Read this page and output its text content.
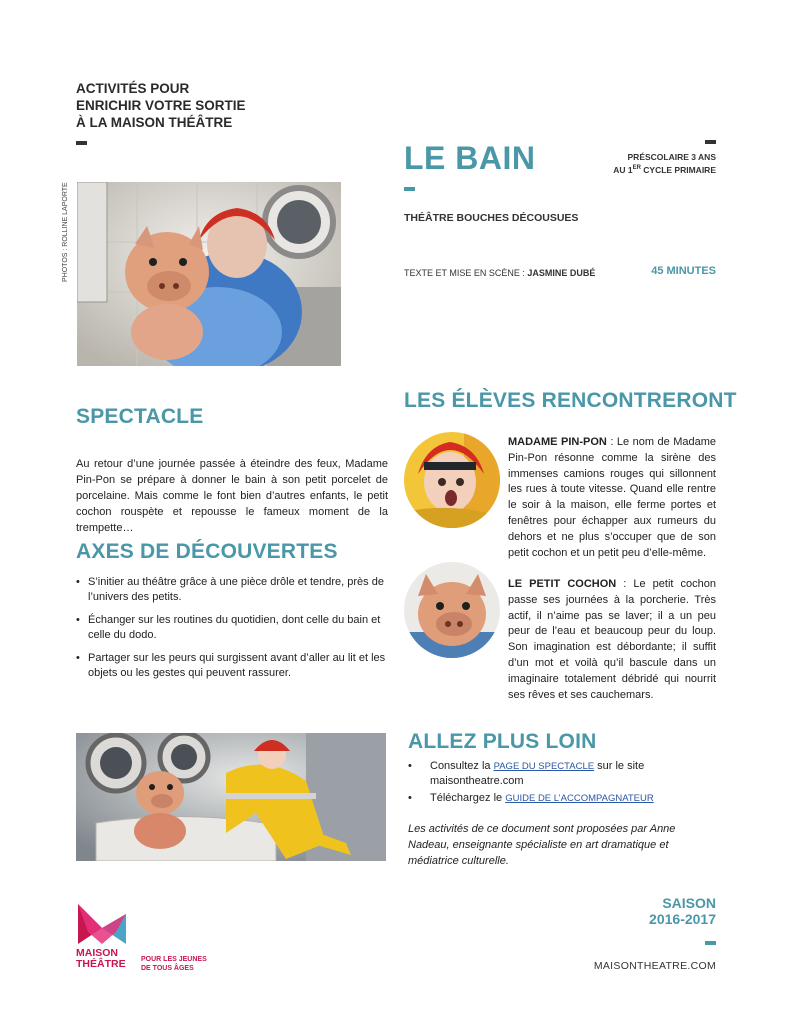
ACTIVITÉS POUR
ENRICHIR VOTRE SORTIE
À LA MAISON THÉÂTRE
LE BAIN	PRÉSCOLAIRE 3 ANS
AU 1ER CYCLE PRIMAIRE
THÉÂTRE BOUCHES DÉCOUSUES
TEXTE ET MISE EN SCÈNE : JASMINE DUBÉ	45 MINUTES
PHOTOS : ROLLINE LAPORTE
SPECTACLE

Au retour d’une journée passée à éteindre des feux, Madame Pin-Pon se prépare à donner le bain à son petit porcelet de porcelaine. Mais comme le font bien d’autres enfants, le petit cochon rouspète et repousse le fameux moment de la trempette…

AXES DE DÉCOUVERTES
• S’initier au théâtre grâce à une pièce drôle et tendre, près de l’univers des petits.
• Échanger sur les routines du quotidien, dont celle du bain et celle du dodo.
• Partager sur les peurs qui surgissent avant d’aller au lit et les objets ou les gestes qui peuvent rassurer.
LES ÉLÈVES RENCONTRERONT
MADAME PIN-PON : Le nom de Madame Pin-Pon résonne comme la sirène des immenses camions rouges qui sillonnent les rues à toute vitesse. Quand elle rentre le soir à la maison, elle ferme portes et fenêtres pour échapper aux rumeurs du dehors et ne plus s’occuper que de son petit cochon et un petit peu d’elle-même.
LE PETIT COCHON : Le petit cochon passe ses journées à la porcherie. Très actif, il n’aime pas se laver; il a un peu peur de l’eau et beaucoup peur du loup. Son imagination est débordante; il suffit d’un mot et voilà qu’il bascule dans un imaginaire totalement débridé qui nourrit ses rêves et ses cauchemars.
ALLEZ PLUS LOIN
• Consultez la PAGE DU SPECTACLE sur le site
maisontheatre.com
• Téléchargez le GUIDE DE L’ACCOMPAGNATEUR

Les activités de ce document sont proposées par Anne Nadeau, enseignante spécialiste en art dramatique et médiatrice culturelle.

SAISON
2016-2017
MAISONTHEATRE.COM
MAISON
THÉÂTRE POUR LES JEUNES
DE TOUS ÂGES
